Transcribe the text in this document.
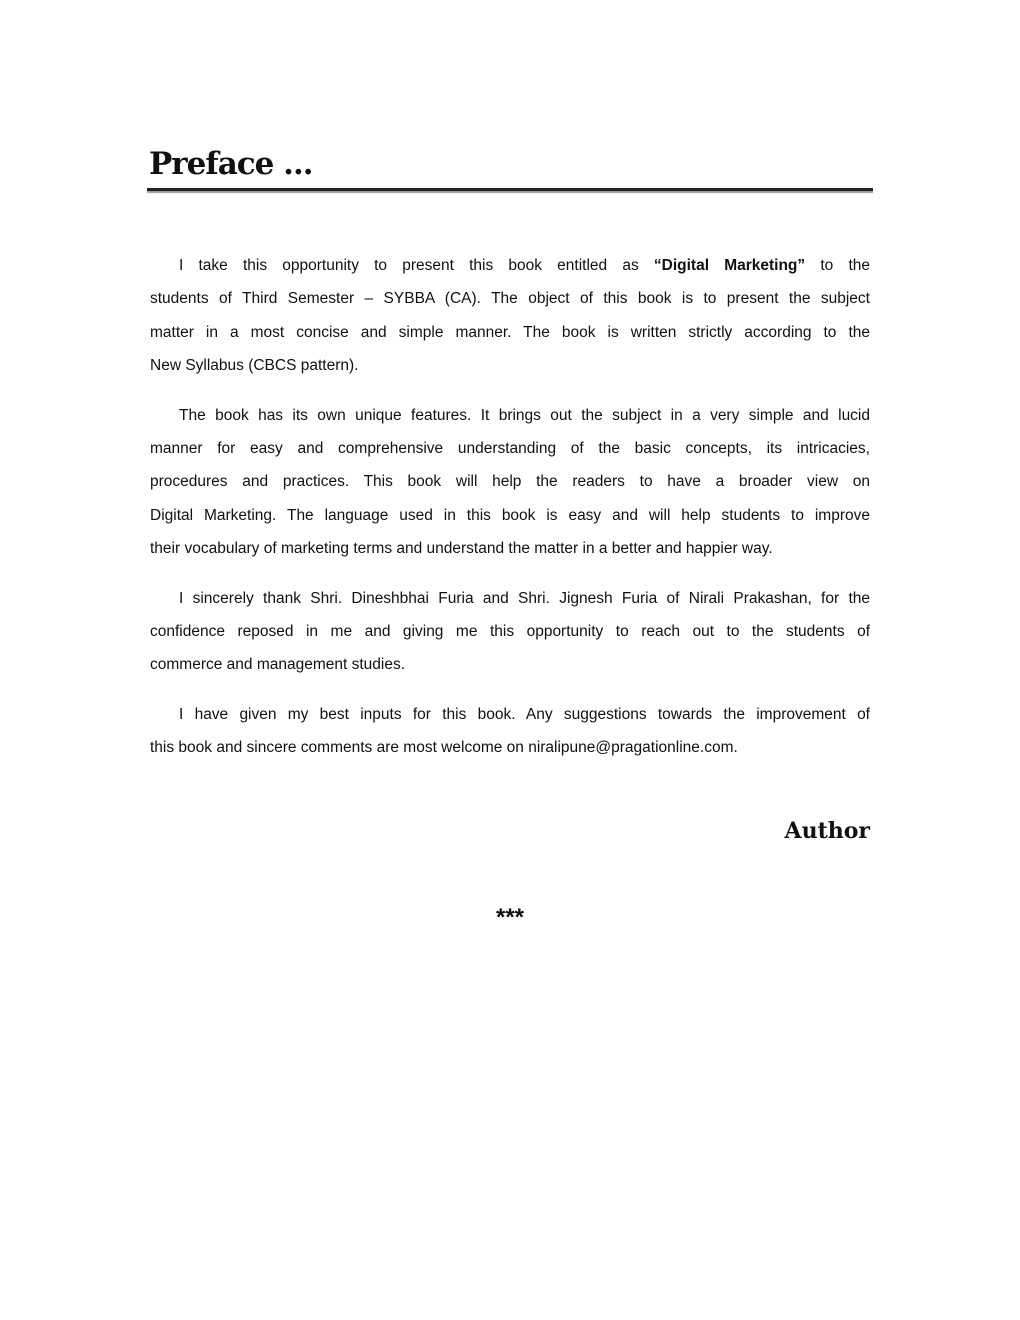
Preface ...
I take this opportunity to present this book entitled as “Digital Marketing” to the
students of Third Semester – SYBBA (CA). The object of this book is to present the subject
matter in a most concise and simple manner. The book is written strictly according to the
New Syllabus (CBCS pattern).
The book has its own unique features. It brings out the subject in a very simple and lucid
manner for easy and comprehensive understanding of the basic concepts, its intricacies,
procedures and practices. This book will help the readers to have a broader view on
Digital Marketing. The language used in this book is easy and will help students to improve
their vocabulary of marketing terms and understand the matter in a better and happier way.
I sincerely thank Shri. Dineshbhai Furia and Shri. Jignesh Furia of Nirali Prakashan, for the
confidence reposed in me and giving me this opportunity to reach out to the students of
commerce and management studies.
I have given my best inputs for this book. Any suggestions towards the improvement of
this book and sincere comments are most welcome on niralipune@pragationline.com.
Author
***
